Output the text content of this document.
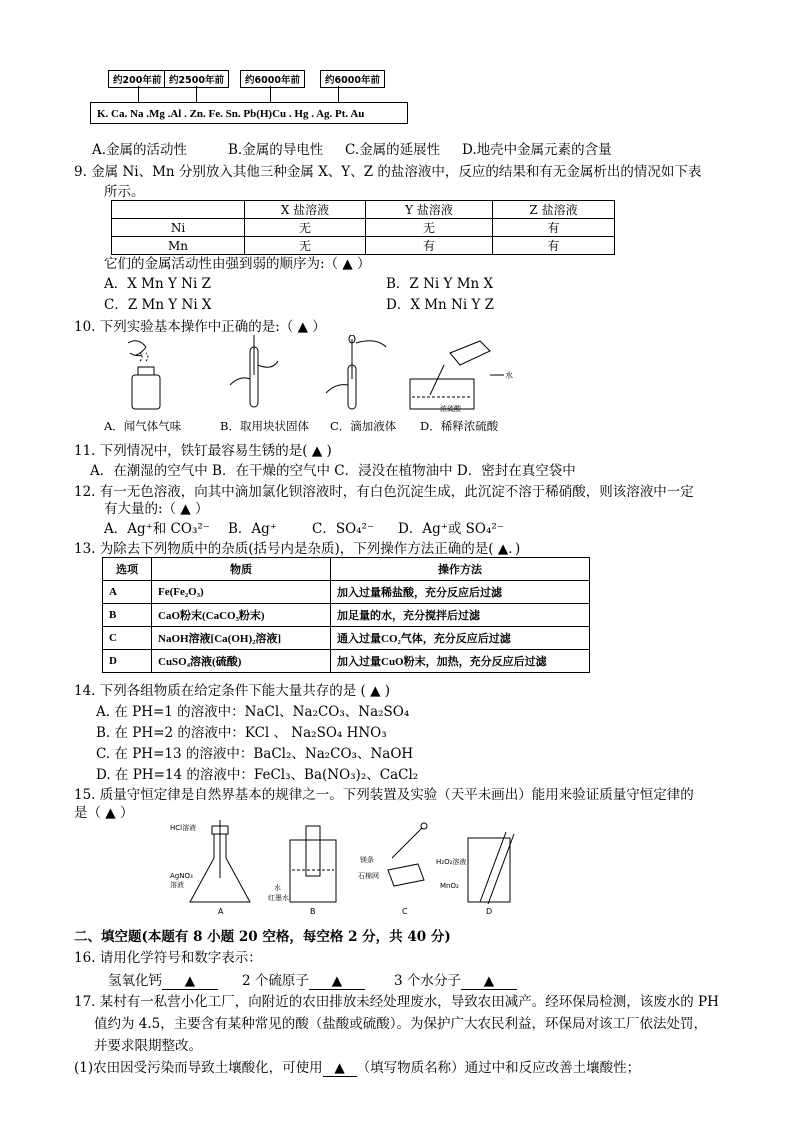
约200年前 约2500年前	约6000年前	约6000年前
K. Ca. Na .Mg .Al . Zn. Fe. Sn. Pb(H)Cu . Hg . Ag. Pt. Au
A.金属的活动性	B.金属的导电性 C.金属的延展性 D.地壳中金属元素的含量
9. 金属 Ni、Mn 分别放入其他三种金属 X、Y、Z 的盐溶液中，反应的结果和有无金属析出的情况如下表
所示。
	X 盐溶液	Y 盐溶液	Z 盐溶液
Ni	无	无	有
Mn	无	有	有
它们的金属活动性由强到弱的顺序为:（ ▲ ）
A．X Mn Y Ni Z	B．Z Ni Y Mn X
C．Z Mn Y Ni X	D．X Mn Ni Y Z
10. 下列实验基本操作中正确的是:（ ▲ ）
水
浓硫酸
A．闻气体气味	B．取用块状固体 C．滴加液体 D．稀释浓硫酸
11. 下列情况中，铁钉最容易生锈的是( ▲ )
A．在潮湿的空气中 B．在干燥的空气中 C．浸没在植物油中 D．密封在真空袋中
12. 有一无色溶液，向其中滴加氯化钡溶液时，有白色沉淀生成，此沉淀不溶于稀硝酸，则该溶液中一定
有大量的:（ ▲ ）
A．Ag⁺和 CO₃²⁻ B．Ag⁺	C．SO₄²⁻ D．Ag⁺或 SO₄²⁻
13. 为除去下列物质中的杂质(括号内是杂质)，下列操作方法正确的是( ▲．)
选项	物质	操作方法
A	Fe(Fe₂O₃)	加入过量稀盐酸，充分反应后过滤
B	CaO粉末(CaCO₃粉末)	加足量的水，充分搅拌后过滤
C	NaOH溶液[Ca(OH)₂溶液]	通入过量CO₂气体，充分反应后过滤
D	CuSO₄溶液(硫酸)	加入过量CuO粉末，加热，充分反应后过滤
14. 下列各组物质在给定条件下能大量共存的是 ( ▲ )
A. 在 PH=1 的溶液中：NaCl、Na₂CO₃、Na₂SO₄
B. 在 PH=2 的溶液中：KCl 、 Na₂SO₄ HNO₃
C. 在 PH=13 的溶液中：BaCl₂、Na₂CO₃、NaOH
D. 在 PH=14 的溶液中：FeCl₃、Ba(NO₃)₂、CaCl₂
15. 质量守恒定律是自然界基本的规律之一。下列装置及实验（天平未画出）能用来验证质量守恒定律的
是（ ▲ ）
HCl溶液
AgNO₃
溶液	水
红墨水
镁条
石棉网
H₂O₂溶液
MnO₂
A	B	C	D
二、填空题(本题有 8 小题 20 空格，每空格 2 分，共 40 分)
16. 请用化学符号和数字表示：
氢氧化钙 ▲	2 个硫原子 ▲	3 个水分子 ▲
17. 某村有一私营小化工厂，向附近的农田排放未经处理废水，导致农田减产。经环保局检测，该废水的 PH
值约为 4.5，主要含有某种常见的酸（盐酸或硫酸）。为保护广大农民利益，环保局对该工厂依法处罚，
并要求限期整改。
(1)农田因受污染而导致土壤酸化，可使用 ▲ （填写物质名称）通过中和反应改善土壤酸性；
